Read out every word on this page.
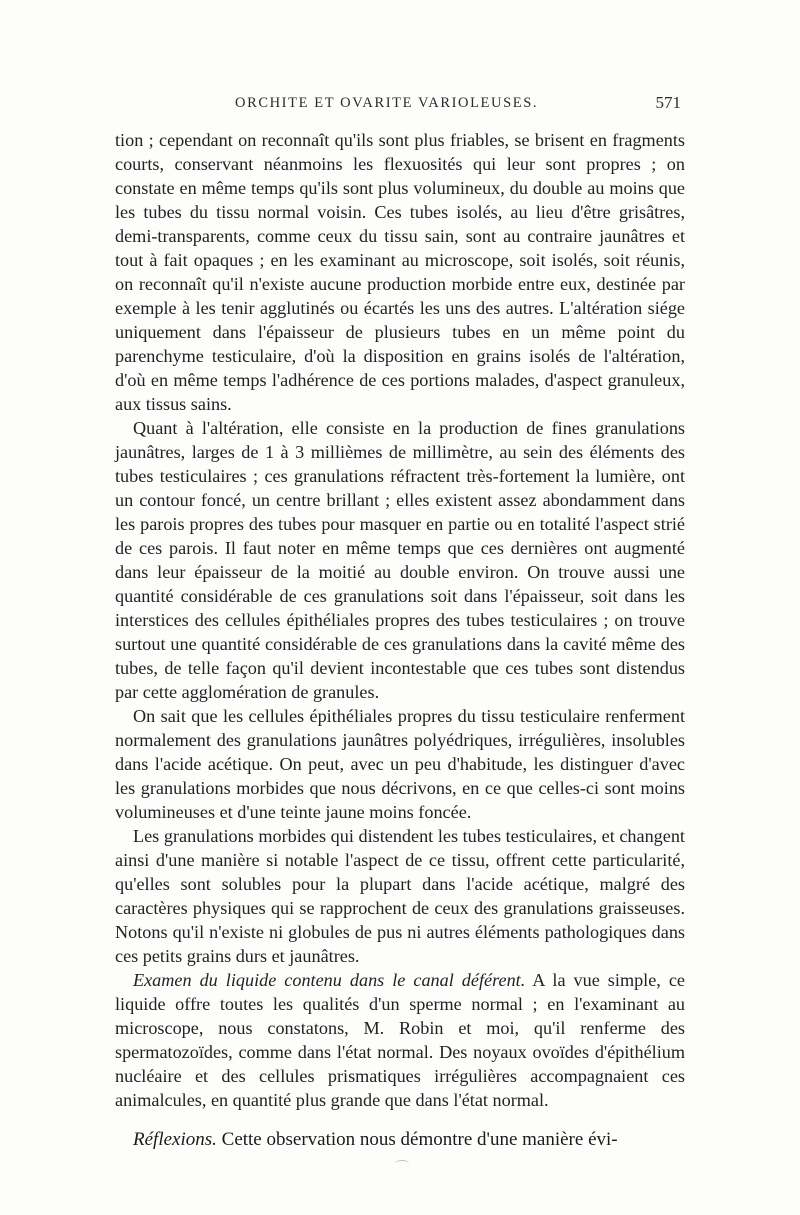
ORCHITE ET OVARITE VARIOLEUSES.	571

tion ; cependant on reconnaît qu'ils sont plus friables, se brisent en fragments courts, conservant néanmoins les flexuosités qui leur sont propres ; on constate en même temps qu'ils sont plus volumineux, du double au moins que les tubes du tissu normal voisin. Ces tubes isolés, au lieu d'être grisâtres, demi-transparents, comme ceux du tissu sain, sont au contraire jaunâtres et tout à fait opaques ; en les examinant au microscope, soit isolés, soit réunis, on reconnaît qu'il n'existe aucune production morbide entre eux, destinée par exemple à les tenir agglutinés ou écartés les uns des autres. L'altération siége uniquement dans l'épaisseur de plusieurs tubes en un même point du parenchyme testiculaire, d'où la disposition en grains isolés de l'altération, d'où en même temps l'adhérence de ces portions malades, d'aspect granuleux, aux tissus sains.

Quant à l'altération, elle consiste en la production de fines granulations jaunâtres, larges de 1 à 3 millièmes de millimètre, au sein des éléments des tubes testiculaires ; ces granulations réfractent très-fortement la lumière, ont un contour foncé, un centre brillant ; elles existent assez abondamment dans les parois propres des tubes pour masquer en partie ou en totalité l'aspect strié de ces parois. Il faut noter en même temps que ces dernières ont augmenté dans leur épaisseur de la moitié au double environ. On trouve aussi une quantité considérable de ces granulations soit dans l'épaisseur, soit dans les interstices des cellules épithéliales propres des tubes testiculaires ; on trouve surtout une quantité considérable de ces granulations dans la cavité même des tubes, de telle façon qu'il devient incontestable que ces tubes sont distendus par cette agglomération de granules.

On sait que les cellules épithéliales propres du tissu testiculaire renferment normalement des granulations jaunâtres polyédriques, irrégulières, insolubles dans l'acide acétique. On peut, avec un peu d'habitude, les distinguer d'avec les granulations morbides que nous décrivons, en ce que celles-ci sont moins volumineuses et d'une teinte jaune moins foncée.

Les granulations morbides qui distendent les tubes testiculaires, et changent ainsi d'une manière si notable l'aspect de ce tissu, offrent cette particularité, qu'elles sont solubles pour la plupart dans l'acide acétique, malgré des caractères physiques qui se rapprochent de ceux des granulations graisseuses. Notons qu'il n'existe ni globules de pus ni autres éléments pathologiques dans ces petits grains durs et jaunâtres.

Examen du liquide contenu dans le canal déférent. A la vue simple, ce liquide offre toutes les qualités d'un sperme normal ; en l'examinant au microscope, nous constatons, M. Robin et moi, qu'il renferme des spermatozoïdes, comme dans l'état normal. Des noyaux ovoïdes d'épithélium nucléaire et des cellules prismatiques irrégulières accompagnaient ces animalcules, en quantité plus grande que dans l'état normal.

Réflexions. Cette observation nous démontre d'une manière évi-
